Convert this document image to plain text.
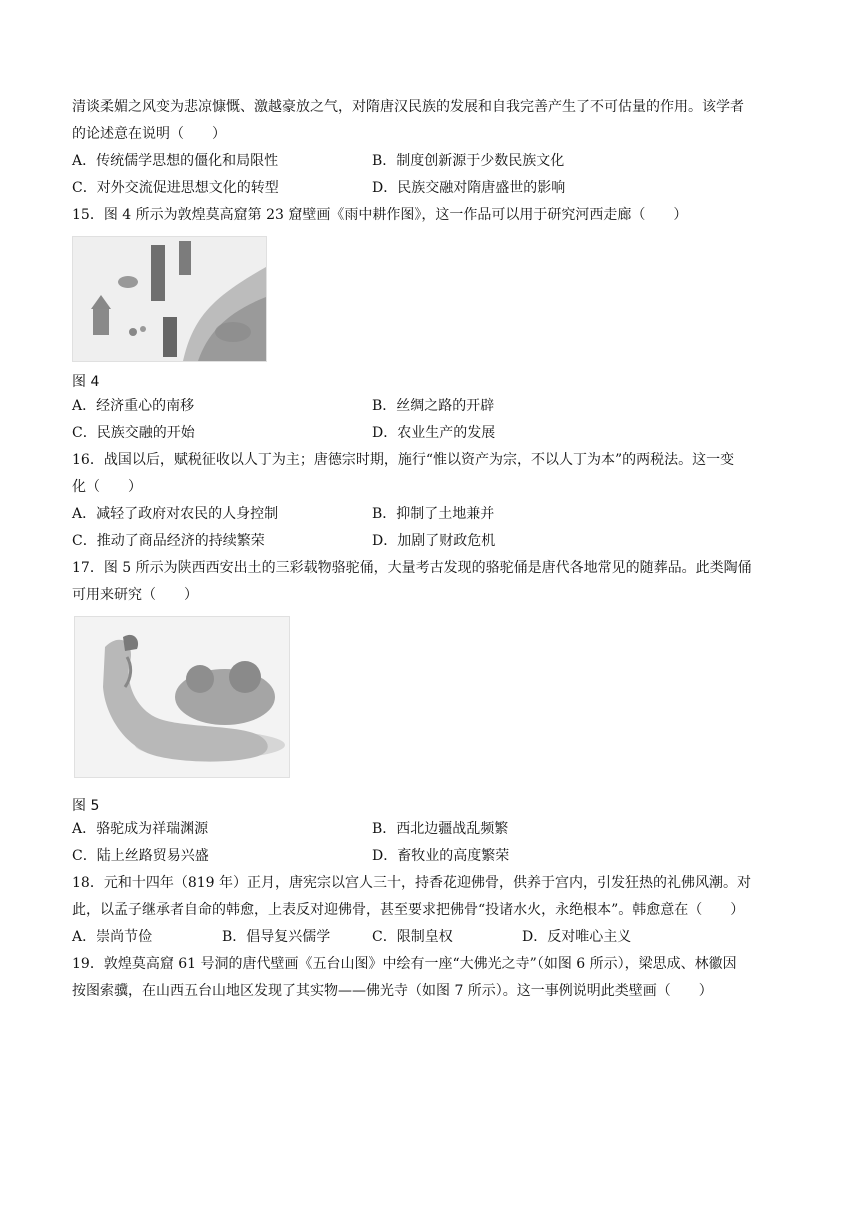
清谈柔媚之风变为悲凉慷慨、激越豪放之气，对隋唐汉民族的发展和自我完善产生了不可估量的作用。该学者
的论述意在说明（　　）
A．传统儒学思想的僵化和局限性	B．制度创新源于少数民族文化
C．对外交流促进思想文化的转型	D．民族交融对隋唐盛世的影响
15．图 4 所示为敦煌莫高窟第 23 窟壁画《雨中耕作图》，这一作品可以用于研究河西走廊（　　）
图 4
A．经济重心的南移	B．丝绸之路的开辟
C．民族交融的开始	D．农业生产的发展
16．战国以后，赋税征收以人丁为主；唐德宗时期，施行“惟以资产为宗，不以人丁为本”的两税法。这一变
化（　　）
A．减轻了政府对农民的人身控制	B．抑制了土地兼并
C．推动了商品经济的持续繁荣	D．加剧了财政危机
17．图 5 所示为陕西西安出土的三彩载物骆驼俑，大量考古发现的骆驼俑是唐代各地常见的随葬品。此类陶俑
可用来研究（　　）
图 5
A．骆驼成为祥瑞渊源	B．西北边疆战乱频繁
C．陆上丝路贸易兴盛	D．畜牧业的高度繁荣
18．元和十四年（819 年）正月，唐宪宗以宫人三十，持香花迎佛骨，供养于宫内，引发狂热的礼佛风潮。对
此，以孟子继承者自命的韩愈，上表反对迎佛骨，甚至要求把佛骨“投诸水火，永绝根本”。韩愈意在（　　）
A．崇尚节俭	B．倡导复兴儒学	C．限制皇权	D．反对唯心主义
19．敦煌莫高窟 61 号洞的唐代壁画《五台山图》中绘有一座“大佛光之寺”（如图 6 所示），梁思成、林徽因
按图索骥，在山西五台山地区发现了其实物——佛光寺（如图 7 所示）。这一事例说明此类壁画（　　）
